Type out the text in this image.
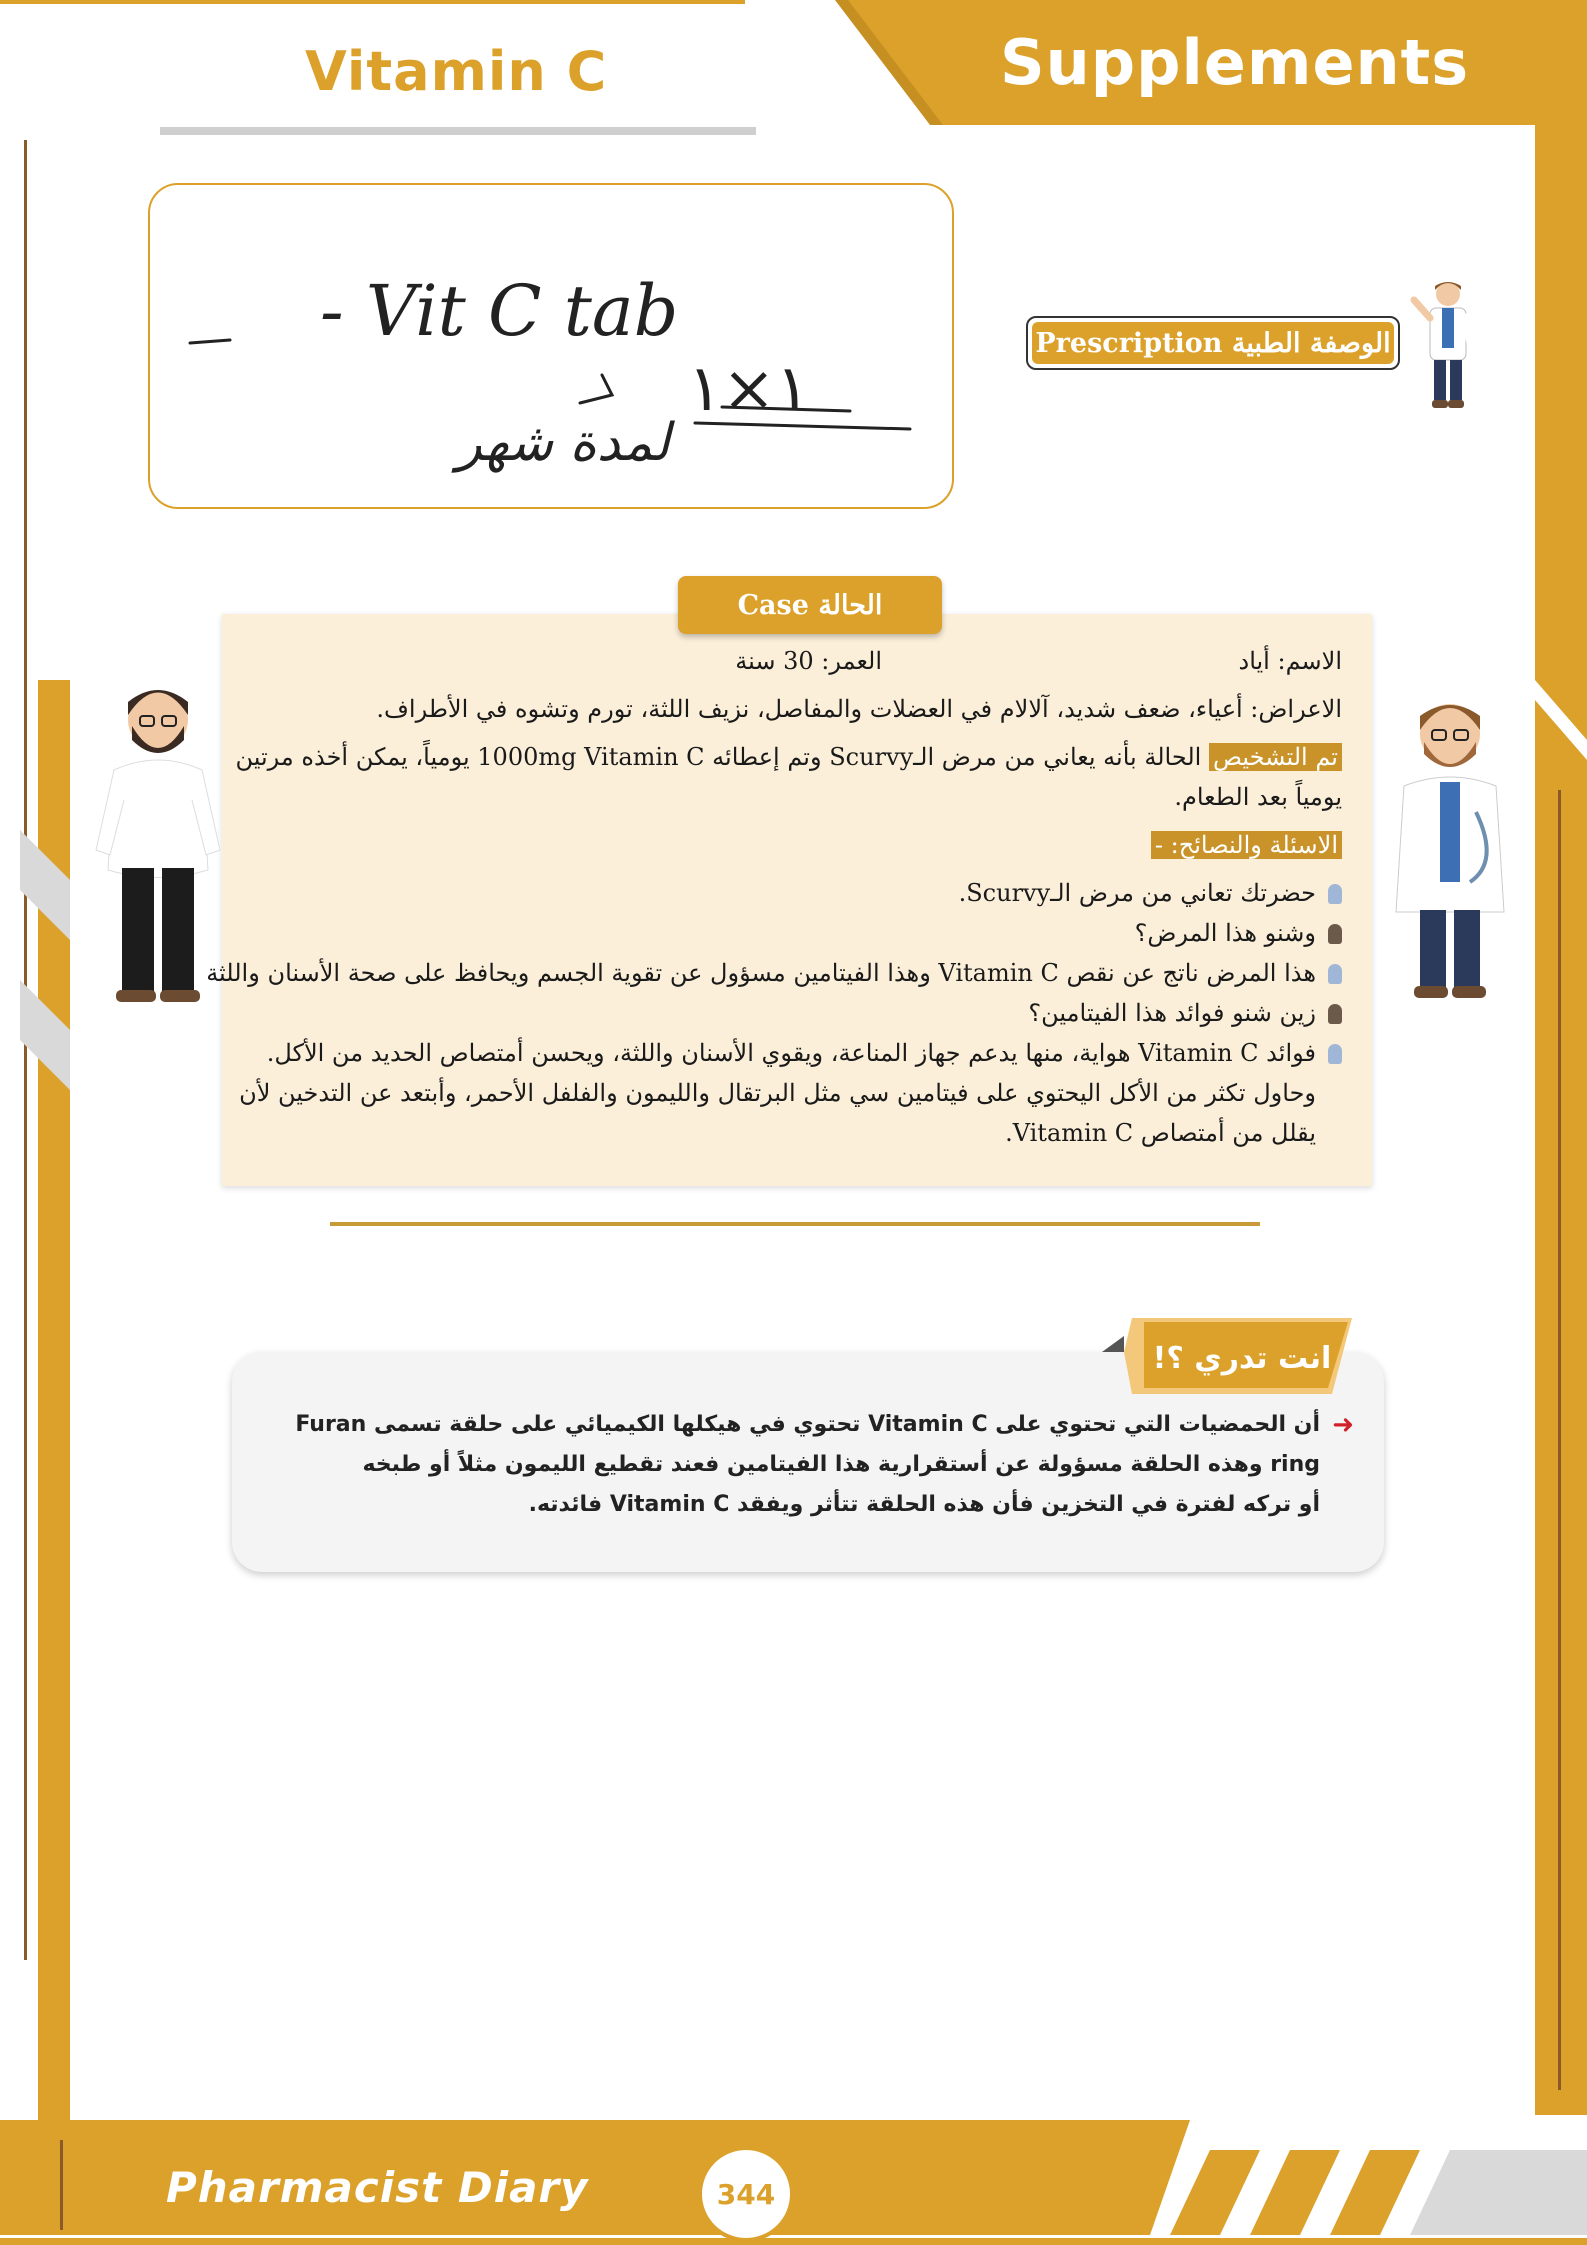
Vitamin C	Supplements
- Vit C tab
١×١
لمدة شهر
Prescription الوصفة الطبية
الاسم: أياد
العمر: 30 سنة
الاعراض: أعياء، ضعف شديد، آلالام في العضلات والمفاصل، نزيف اللثة، تورم وتشوه في الأطراف.
تم التشخيص الحالة بأنه يعاني من مرض الـScurvy وتم إعطائه 1000mg Vitamin C يومياً، يمكن أخذه مرتين
يومياً بعد الطعام.
الاسئلة والنصائح: -
حضرتك تعاني من مرض الـScurvy.
وشنو هذا المرض؟
هذا المرض ناتج عن نقص Vitamin C وهذا الفيتامين مسؤول عن تقوية الجسم ويحافظ على صحة الأسنان واللثة
زين شنو فوائد هذا الفيتامين؟
فوائد Vitamin C هواية، منها يدعم جهاز المناعة، ويقوي الأسنان واللثة، ويحسن أمتصاص الحديد من الأكل.
وحاول تكثر من الأكل اليحتوي على فيتامين سي مثل البرتقال والليمون والفلفل الأحمر، وأبتعد عن التدخين لأن
يقلل من أمتصاص Vitamin C.
Case الحالة
➜
أن الحمضيات التي تحتوي على Vitamin C تحتوي في هيكلها الكيميائي على حلقة تسمى Furan
ring وهذه الحلقة مسؤولة عن أستقرارية هذا الفيتامين فعند تقطيع الليمون مثلاً أو طبخه
أو تركه لفترة في التخزين فأن هذه الحلقة تتأثر ويفقد Vitamin C فائدته.
انت تدري ؟!
Pharmacist Diary	344
